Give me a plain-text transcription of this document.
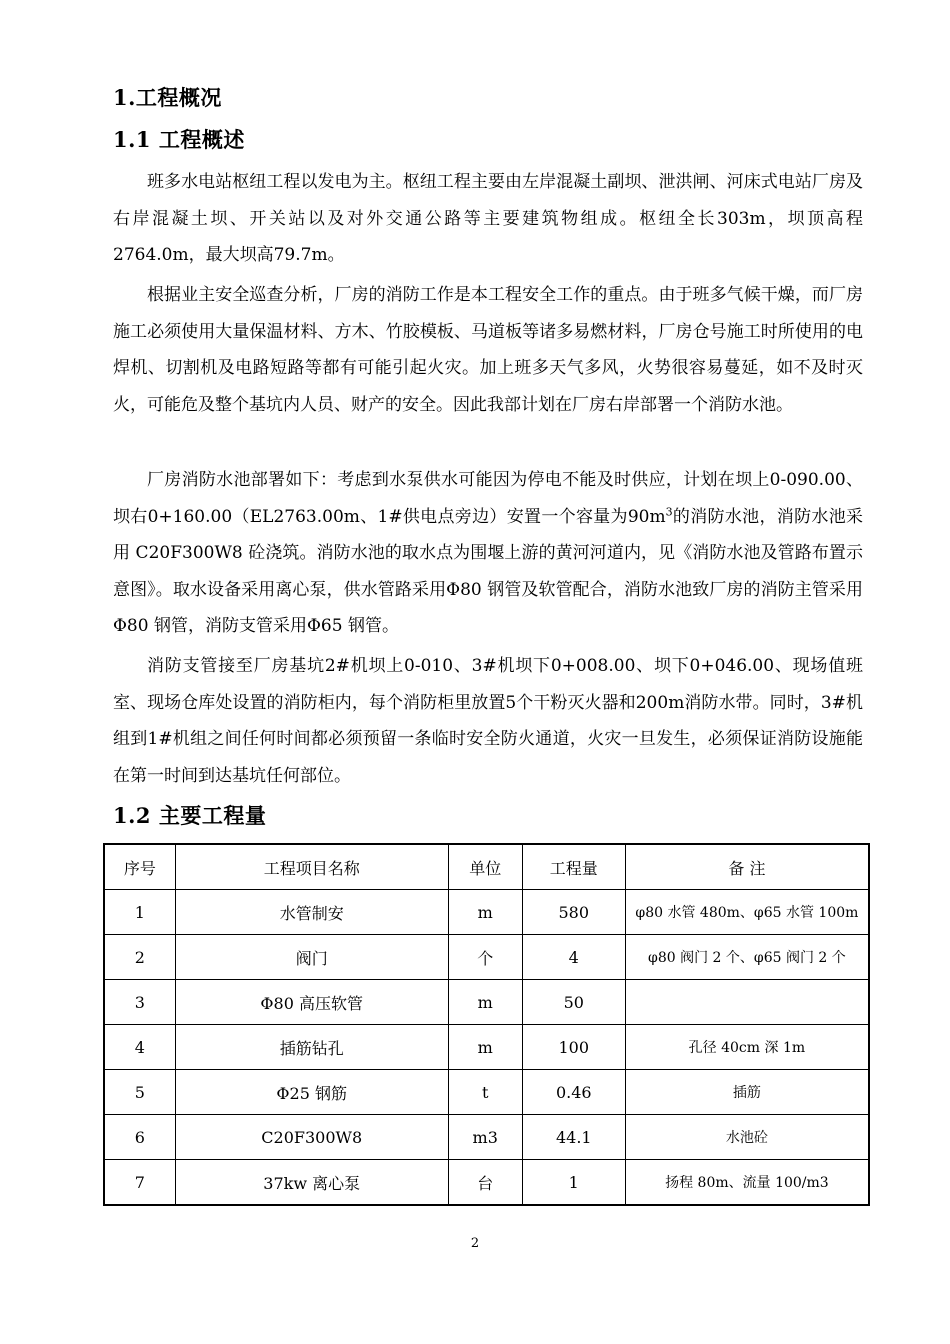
1.工程概况
1.1 工程概述

班多水电站枢纽工程以发电为主。枢纽工程主要由左岸混凝土副坝、泄洪闸、河床式电站厂房及右岸混凝土坝、开关站以及对外交通公路等主要建筑物组成。枢纽全长303m，坝顶高程2764.0m，最大坝高79.7m。

根据业主安全巡查分析，厂房的消防工作是本工程安全工作的重点。由于班多气候干燥，而厂房施工必须使用大量保温材料、方木、竹胶模板、马道板等诸多易燃材料，厂房仓号施工时所使用的电焊机、切割机及电路短路等都有可能引起火灾。加上班多天气多风，火势很容易蔓延，如不及时灭火，可能危及整个基坑内人员、财产的安全。因此我部计划在厂房右岸部署一个消防水池。

厂房消防水池部署如下：考虑到水泵供水可能因为停电不能及时供应，计划在坝上0-090.00、坝右0+160.00（EL2763.00m、1#供电点旁边）安置一个容量为$90m^3$的消防水池，消防水池采用 C20F300W8 砼浇筑。消防水池的取水点为围堰上游的黄河河道内，见《消防水池及管路布置示意图》。取水设备采用离心泵，供水管路采用Φ80 钢管及软管配合，消防水池致厂房的消防主管采用Φ80 钢管，消防支管采用Φ65 钢管。

消防支管接至厂房基坑2#机坝上0-010、3#机坝下0+008.00、坝下0+046.00、现场值班室、现场仓库处设置的消防柜内，每个消防柜里放置5个干粉灭火器和200m消防水带。同时，3#机组到1#机组之间任何时间都必须预留一条临时安全防火通道，火灾一旦发生，必须保证消防设施能在第一时间到达基坑任何部位。

1.2 主要工程量
序号	工程项目名称	单位	工程量	备 注
1	水管制安	m	580	φ80 水管 480m、φ65 水管 100m
2	阀门	个	4	φ80 阀门 2 个、φ65 阀门 2 个
3	Φ80 高压软管	m	50	
4	插筋钻孔	m	100	孔径 40cm 深 1m
5	Φ25 钢筋	t	0.46	插筋
6	C20F300W8	m3	44.1	水池砼
7	37kw 离心泵	台	1	扬程 80m、流量 100/m3
2
